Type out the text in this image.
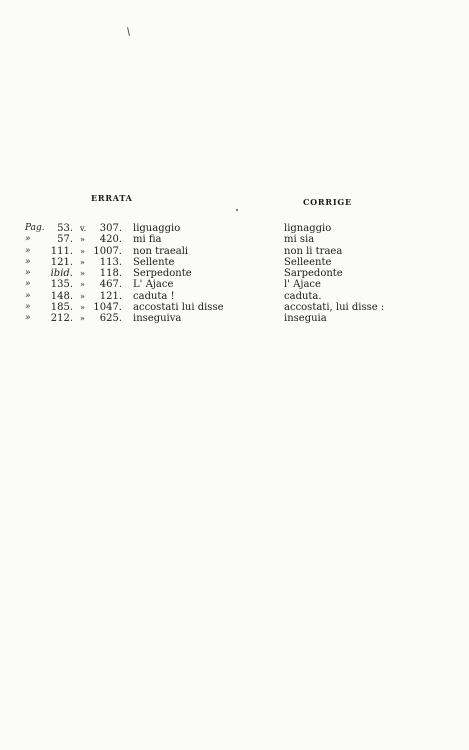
ERRATA	CORRIGE
Pag. 53. v. 307. liguaggio	lignaggio
»	57. » 420. mi fia	mi sia
»	111. » 1007. non traeali	non li traea
»	121. » 113. Sellente	Selleente
»	ibid. » 118. Serpedonte	Sarpedonte
»	135. » 467. L' Ajace	l' Ajace
»	148. » 121. caduta !	caduta.
»	185. » 1047. accostati lui disse	accostati, lui disse :
»	212. » 625. inseguiva	inseguia
